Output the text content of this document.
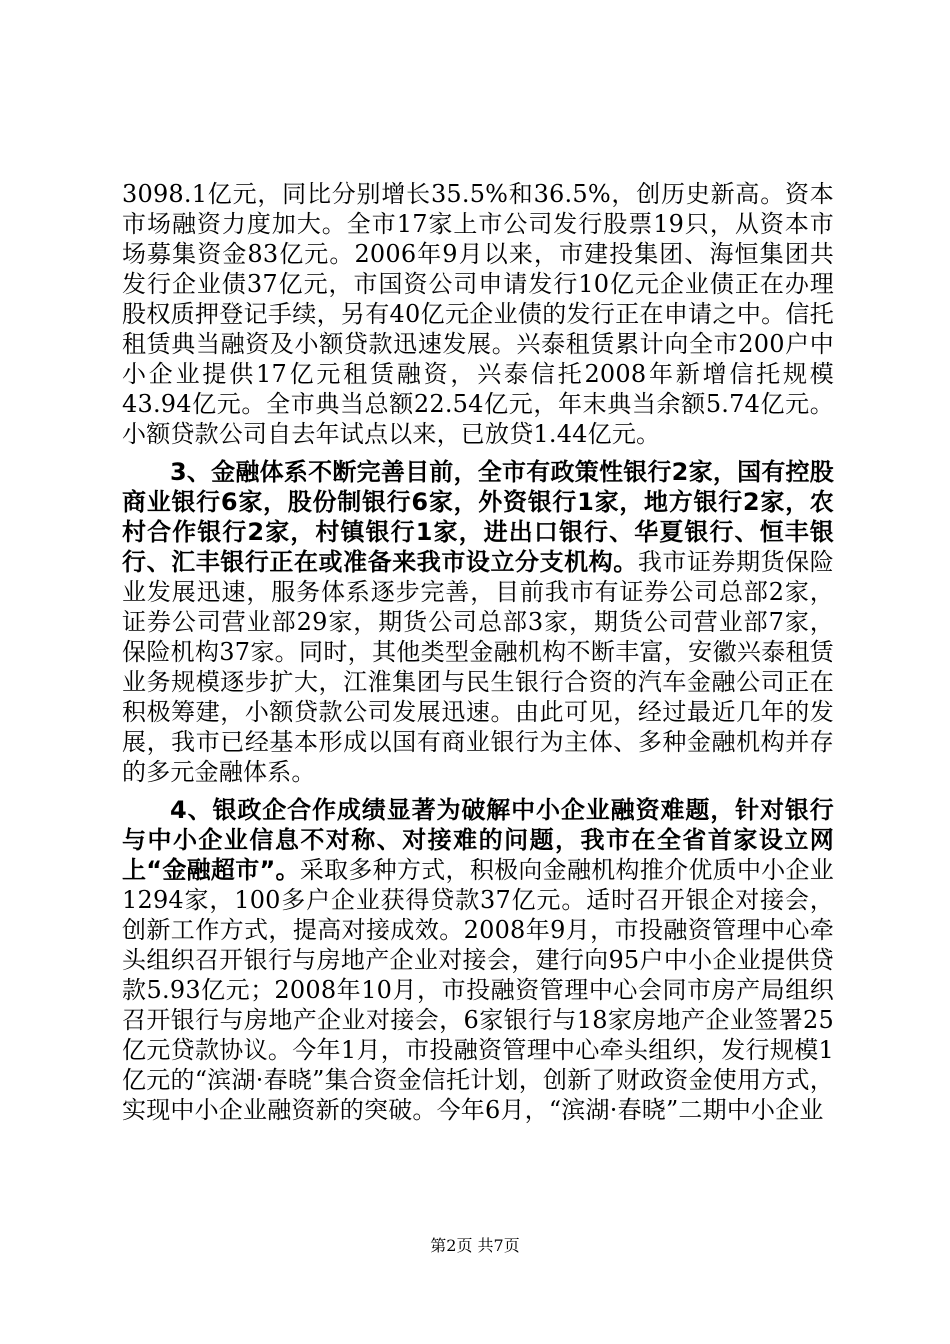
3098.1亿元，同比分别增长35.5%和36.5%，创历史新高。资本市场融资力度加大。全市17家上市公司发行股票19只，从资本市场募集资金83亿元。2006年9月以来，市建投集团、海恒集团共发行企业债37亿元，市国资公司申请发行10亿元企业债正在办理股权质押登记手续，另有40亿元企业债的发行正在申请之中。信托租赁典当融资及小额贷款迅速发展。兴泰租赁累计向全市200户中小企业提供17亿元租赁融资，兴泰信托2008年新增信托规模43.94亿元。全市典当总额22.54亿元，年末典当余额5.74亿元。小额贷款公司自去年试点以来，已放贷1.44亿元。

3、金融体系不断完善目前，全市有政策性银行2家，国有控股商业银行6家，股份制银行6家，外资银行1家，地方银行2家，农村合作银行2家，村镇银行1家，进出口银行、华夏银行、恒丰银行、汇丰银行正在或准备来我市设立分支机构。我市证券期货保险业发展迅速，服务体系逐步完善，目前我市有证券公司总部2家，证券公司营业部29家，期货公司总部3家，期货公司营业部7家，保险机构37家。同时，其他类型金融机构不断丰富，安徽兴泰租赁业务规模逐步扩大，江淮集团与民生银行合资的汽车金融公司正在积极筹建，小额贷款公司发展迅速。由此可见，经过最近几年的发展，我市已经基本形成以国有商业银行为主体、多种金融机构并存的多元金融体系。

4、银政企合作成绩显著为破解中小企业融资难题，针对银行与中小企业信息不对称、对接难的问题，我市在全省首家设立网上“金融超市”。采取多种方式，积极向金融机构推介优质中小企业1294家，100多户企业获得贷款37亿元。适时召开银企对接会，创新工作方式，提高对接成效。2008年9月，市投融资管理中心牵头组织召开银行与房地产企业对接会，建行向95户中小企业提供贷款5.93亿元；2008年10月，市投融资管理中心会同市房产局组织召开银行与房地产企业对接会，6家银行与18家房地产企业签署25亿元贷款协议。今年1月，市投融资管理中心牵头组织，发行规模1亿元的“滨湖·春晓”集合资金信托计划，创新了财政资金使用方式，实现中小企业融资新的突破。今年6月，“滨湖·春晓”二期中小企业

第2页 共7页
